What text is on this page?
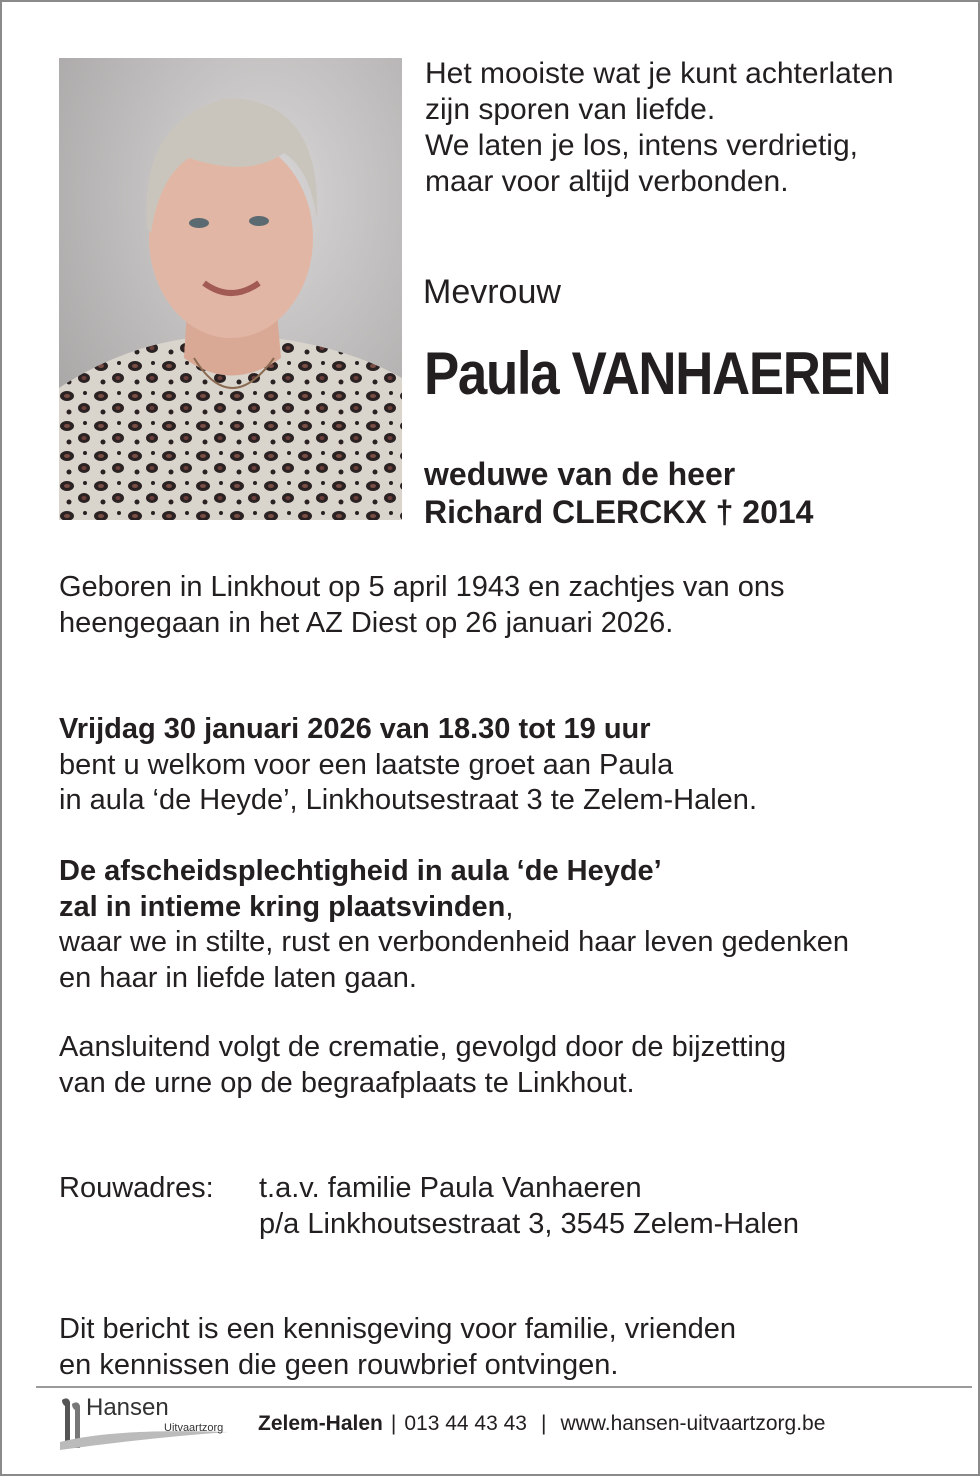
Het mooiste wat je kunt achterlaten
zijn sporen van liefde.
We laten je los, intens verdrietig,
maar voor altijd verbonden.
Mevrouw
Paula VANHAEREN
weduwe van de heer
Richard CLERCKX † 2014
Geboren in Linkhout op 5 april 1943 en zachtjes van ons
heengegaan in het AZ Diest op 26 januari 2026.
Vrijdag 30 januari 2026 van 18.30 tot 19 uur
bent u welkom voor een laatste groet aan Paula
in aula ‘de Heyde’, Linkhoutsestraat 3 te Zelem-Halen.
De afscheidsplechtigheid in aula ‘de Heyde’
zal in intieme kring plaatsvinden,
waar we in stilte, rust en verbondenheid haar leven gedenken
en haar in liefde laten gaan.
Aansluitend volgt de crematie, gevolgd door de bijzetting
van de urne op de begraafplaats te Linkhout.
Rouwadres: t.a.v. familie Paula Vanhaeren
p/a Linkhoutsestraat 3, 3545 Zelem-Halen
Dit bericht is een kennisgeving voor familie, vrienden
en kennissen die geen rouwbrief ontvingen.
Hansen
Uitvaartzorg Zelem-Halen | 013 44 43 43 | www.hansen-uitvaartzorg.be
